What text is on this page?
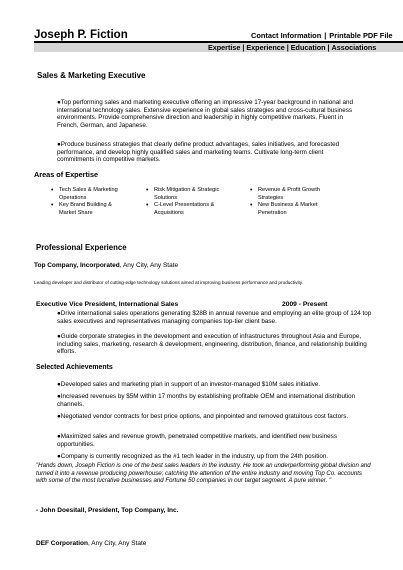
Joseph P. Fiction	Contact Information | Printable PDF File
Expertise | Experience | Education | Associations
Sales & Marketing Executive
●Top performing sales and marketing executive offering an impressive 17-year background in national and international technology sales. Extensive experience in global sales strategies and cross-cultural business environments. Provide comprehensive direction and leadership in highly competitive markets. Fluent in French, German, and Japanese.
●Produce business strategies that clearly define product advantages, sales initiatives, and forecasted performance, and develop highly qualified sales and marketing teams. Cultivate long-term client commitments in competitive markets.
Areas of Expertise
• Tech Sales & Marketing
Operations
• Key Brand Building &
Market Share
• Risk Mitigation & Strategic
Solutions
• C-Level Presentations &
Acquisitions
• Revenue & Profit Growth
Strategies
• New Business & Market
Penetration
Professional Experience
Top Company, Incorporated, Any City, Any State
Leading developer and distributor of cutting-edge technology solutions aimed at improving business performance and productivity.
Executive Vice President, International Sales	2009 - Present
●Drive international sales operations generating $28B in annual revenue and employing an elite group of 124 top sales executives and representatives managing companies top-tier client base.
●Guide corporate strategies in the development and execution of infrastructures throughout Asia and Europe, including sales, marketing, research & development, engineering, distribution, finance, and relationship building efforts.
Selected Achievements
●Developed sales and marketing plan in support of an investor-managed $10M sales initiative.
●Increased revenues by $5M within 17 months by establishing profitable OEM and international distribution channels.
●Negotiated vendor contracts for best price options, and pinpointed and removed gratuitous cost factors.
●Maximized sales and revenue growth, penetrated competitive markets, and identified new business opportunities.
●Company is currently recognized as the #1 tech leader in the industry, up from the 24th position.
"Hands down, Joseph Fiction is one of the best sales leaders in the industry. He took an underperforming global division and turned it into a revenue producing powerhouse; catching the attention of the entire industry and moving Top Co. accounts with some of the most lucrative businesses and Fortune 50 companies in our target segment. A pure winner. "
- John Doesitall, President, Top Company, Inc.
DEF Corporation, Any City, Any State
